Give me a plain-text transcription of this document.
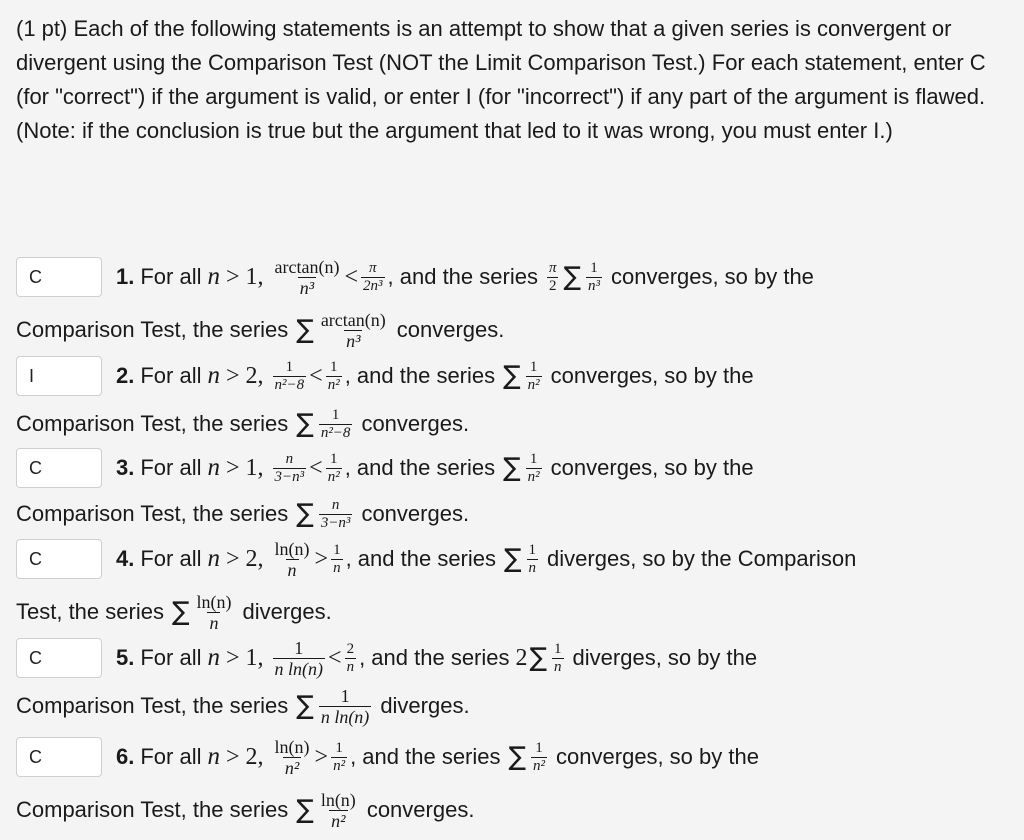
(1 pt) Each of the following statements is an attempt to show that a given series is convergent or divergent using the Comparison Test (NOT the Limit Comparison Test.) For each statement, enter C (for "correct") if the argument is valid, or enter I (for "incorrect") if any part of the argument is flawed. (Note: if the conclusion is true but the argument that led to it was wrong, you must enter I.)
C
1. For all n > 1, $\frac{\arctan(n)}{\text{n³}} < \frac{\pi}{\text{2n³}}$ , and the series $\frac{\pi}{2}$ ∑ $\frac{1}{\text{n³}}$ converges, so by the
Comparison Test, the series ∑ $\frac{\arctan(n)}{\text{n³}}$ converges.
I
2. For all n > 2, $\frac{1}{\text{n²−8}} < \frac{1}{\text{n²}}$ , and the series ∑ $\frac{1}{\text{n²}}$ converges, so by the
Comparison Test, the series ∑ $\frac{1}{\text{n²−8}}$ converges.
C
3. For all n > 1, $\frac{n}{\text{3−n³}} < \frac{1}{\text{n²}}$ , and the series ∑ $\frac{1}{\text{n²}}$ converges, so by the
Comparison Test, the series ∑ $\frac{n}{\text{3−n³}}$ converges.
C
4. For all n > 2, $\frac{\ln(n)}{n} > \frac{1}{n}$ , and the series ∑ $\frac{1}{n}$ diverges, so by the Comparison
Test, the series ∑ $\frac{\ln(n)}{n}$ diverges.
C
5. For all n > 1, $\frac{1}{\text{n ln(n)}} < \frac{2}{n}$ , and the series 2 ∑ $\frac{1}{n}$ diverges, so by the
Comparison Test, the series ∑ $\frac{1}{\text{n ln(n)}}$ diverges.
C
6. For all n > 2, $\frac{\ln(n)}{\text{n²}} > \frac{1}{\text{n²}}$ , and the series ∑ $\frac{1}{\text{n²}}$ converges, so by the
Comparison Test, the series ∑ $\frac{\ln(n)}{\text{n²}}$ converges.
